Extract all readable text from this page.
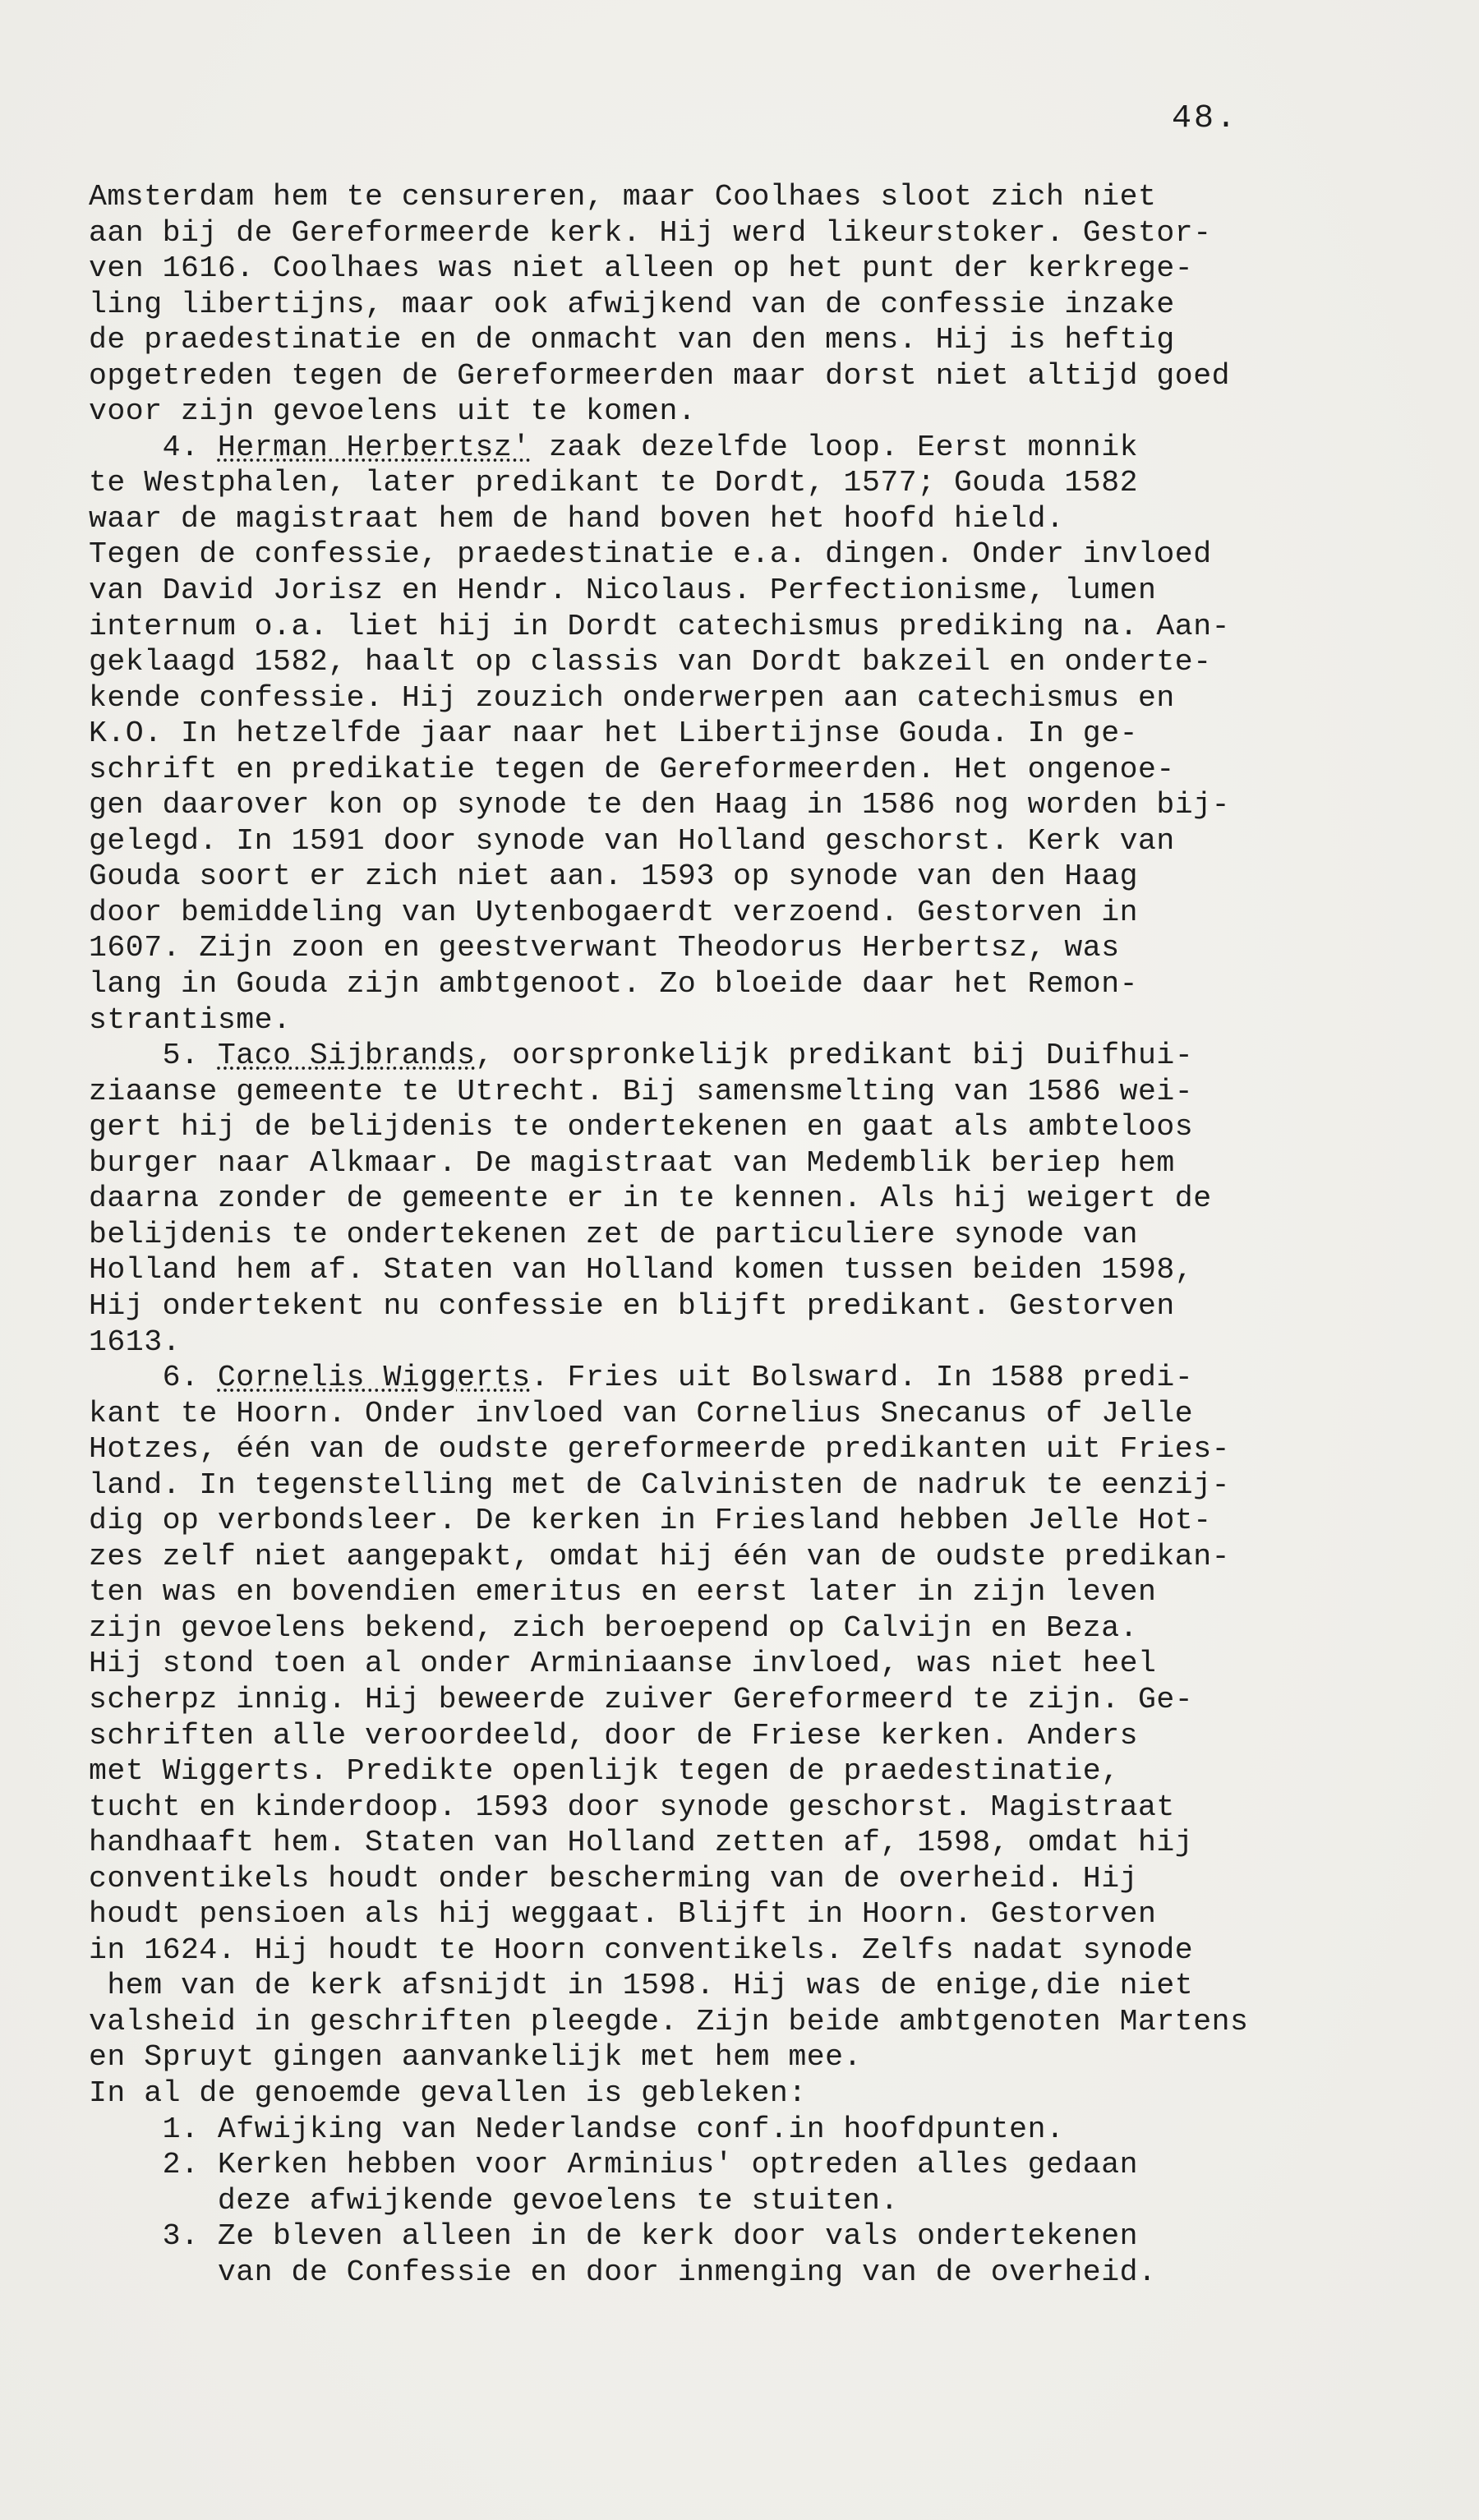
48.
Amsterdam hem te censureren, maar Coolhaes sloot zich niet
aan bij de Gereformeerde kerk. Hij werd likeurstoker. Gestor-
ven 1616. Coolhaes was niet alleen op het punt der kerkrege-
ling libertijns, maar ook afwijkend van de confessie inzake
de praedestinatie en de onmacht van den mens. Hij is heftig
opgetreden tegen de Gereformeerden maar dorst niet altijd goed
voor zijn gevoelens uit te komen.
4. Herman Herbertsz' zaak dezelfde loop. Eerst monnik
te Westphalen, later predikant te Dordt, 1577; Gouda 1582
waar de magistraat hem de hand boven het hoofd hield.
Tegen de confessie, praedestinatie e.a. dingen. Onder invloed
van David Jorisz en Hendr. Nicolaus. Perfectionisme, lumen
internum o.a. liet hij in Dordt catechismus prediking na. Aan-
geklaagd 1582, haalt op classis van Dordt bakzeil en onderte-
kende confessie. Hij zouzich onderwerpen aan catechismus en
K.O. In hetzelfde jaar naar het Libertijnse Gouda. In ge-
schrift en predikatie tegen de Gereformeerden. Het ongenoe-
gen daarover kon op synode te den Haag in 1586 nog worden bij-
gelegd. In 1591 door synode van Holland geschorst. Kerk van
Gouda soort er zich niet aan. 1593 op synode van den Haag
door bemiddeling van Uytenbogaerdt verzoend. Gestorven in
1607. Zijn zoon en geestverwant Theodorus Herbertsz, was
lang in Gouda zijn ambtgenoot. Zo bloeide daar het Remon-
strantisme.
5. Taco Sijbrands, oorspronkelijk predikant bij Duifhui-
ziaanse gemeente te Utrecht. Bij samensmelting van 1586 wei-
gert hij de belijdenis te ondertekenen en gaat als ambteloos
burger naar Alkmaar. De magistraat van Medemblik beriep hem
daarna zonder de gemeente er in te kennen. Als hij weigert de
belijdenis te ondertekenen zet de particuliere synode van
Holland hem af. Staten van Holland komen tussen beiden 1598,
Hij ondertekent nu confessie en blijft predikant. Gestorven
1613.
6. Cornelis Wiggerts. Fries uit Bolsward. In 1588 predi-
kant te Hoorn. Onder invloed van Cornelius Snecanus of Jelle
Hotzes, één van de oudste gereformeerde predikanten uit Fries-
land. In tegenstelling met de Calvinisten de nadruk te eenzij-
dig op verbondsleer. De kerken in Friesland hebben Jelle Hot-
zes zelf niet aangepakt, omdat hij één van de oudste predikan-
ten was en bovendien emeritus en eerst later in zijn leven
zijn gevoelens bekend, zich beroepend op Calvijn en Beza.
Hij stond toen al onder Arminiaanse invloed, was niet heel
scherpz innig. Hij beweerde zuiver Gereformeerd te zijn. Ge-
schriften alle veroordeeld, door de Friese kerken. Anders
met Wiggerts. Predikte openlijk tegen de praedestinatie,
tucht en kinderdoop. 1593 door synode geschorst. Magistraat
handhaaft hem. Staten van Holland zetten af, 1598, omdat hij
conventikels houdt onder bescherming van de overheid. Hij
houdt pensioen als hij weggaat. Blijft in Hoorn. Gestorven
in 1624. Hij houdt te Hoorn conventikels. Zelfs nadat synode
hem van de kerk afsnijdt in 1598. Hij was de enige,die niet
valsheid in geschriften pleegde. Zijn beide ambtgenoten Martens
en Spruyt gingen aanvankelijk met hem mee.
In al de genoemde gevallen is gebleken:
1. Afwijking van Nederlandse conf.in hoofdpunten.
2. Kerken hebben voor Arminius' optreden alles gedaan
deze afwijkende gevoelens te stuiten.
3. Ze bleven alleen in de kerk door vals ondertekenen
van de Confessie en door inmenging van de overheid.
